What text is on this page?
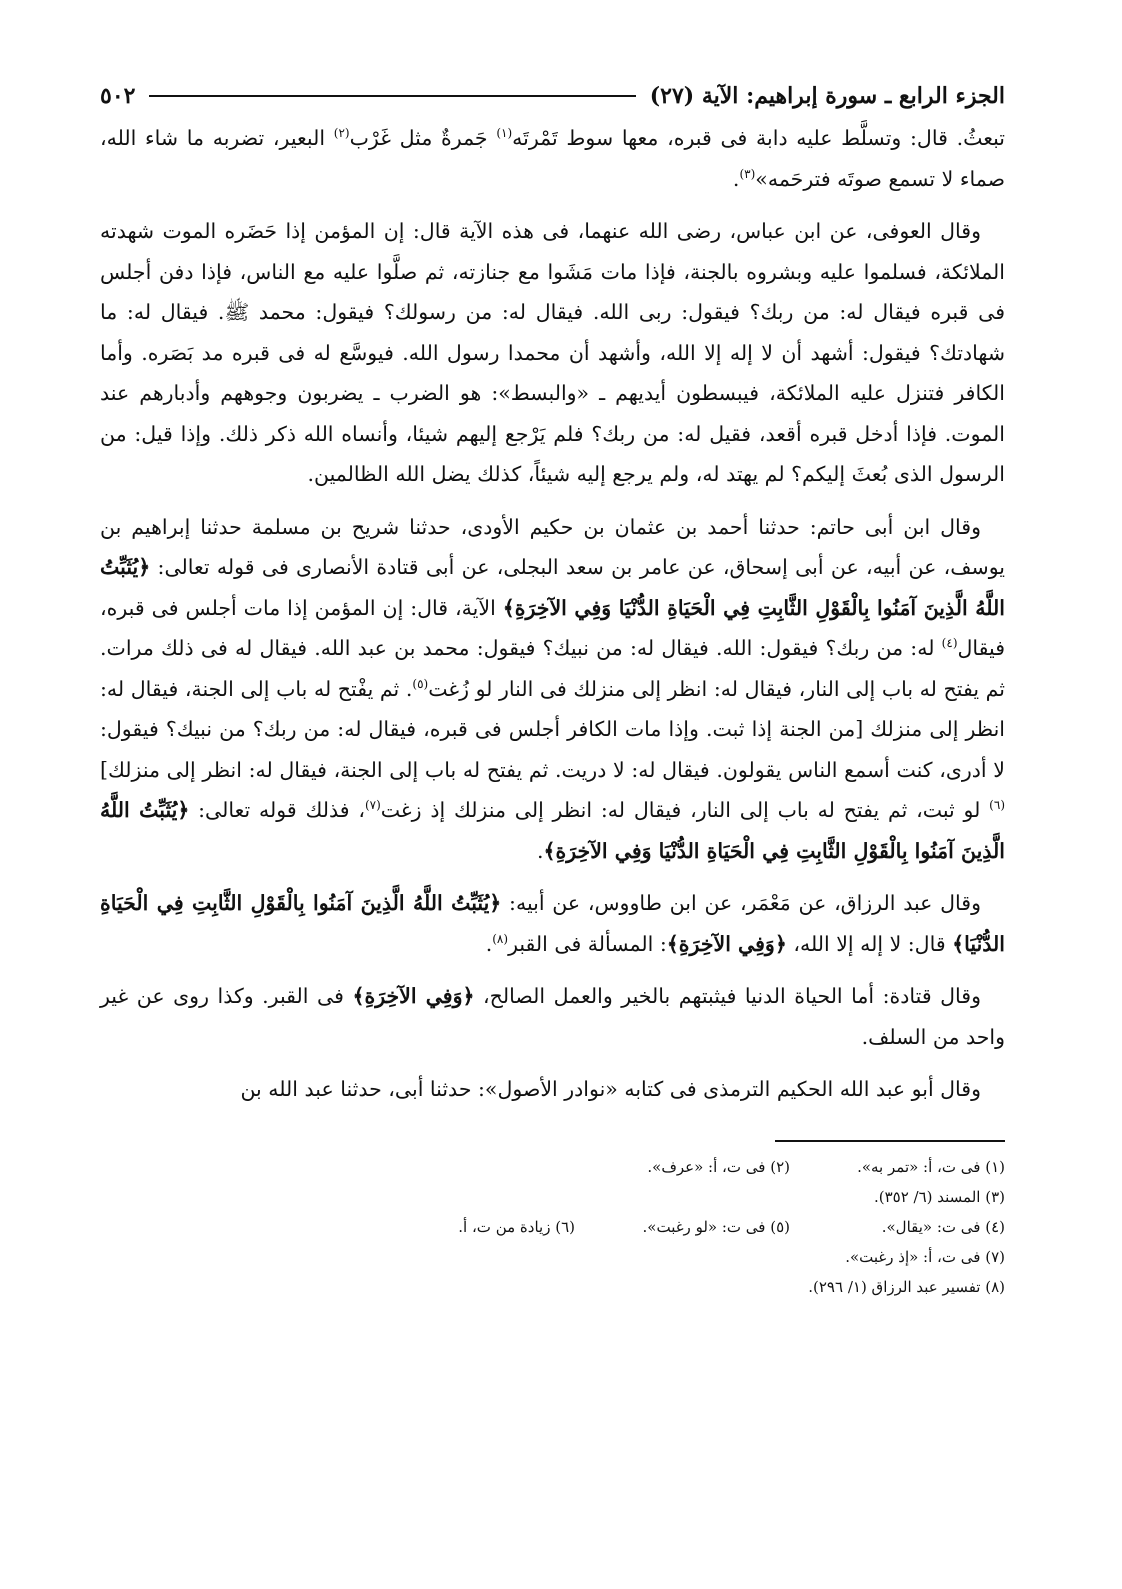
الجزء الرابع ـ سورة إبراهيم: الآية (٢٧)
٥٠٢

تبعثُ. قال: وتسلَّط عليه دابة فى قبره، معها سوط تَمْرتَه$^{(١)}$ جَمرةٌ مثل غَرْب$^{(٢)}$ البعير، تضربه ما شاء الله، صماء لا تسمع صوتَه فترحَمه»$^{(٣)}$.

وقال العوفى، عن ابن عباس، رضى الله عنهما، فى هذه الآية قال: إن المؤمن إذا حَضَره الموت شهدته الملائكة، فسلموا عليه وبشروه بالجنة، فإذا مات مَشَوا مع جنازته، ثم صلَّوا عليه مع الناس، فإذا دفن أجلس فى قبره فيقال له: من ربك؟ فيقول: ربى الله. فيقال له: من رسولك؟ فيقول: محمد ﷺ. فيقال له: ما شهادتك؟ فيقول: أشهد أن لا إله إلا الله، وأشهد أن محمدا رسول الله. فيوسَّع له فى قبره مد بَصَره. وأما الكافر فتنزل عليه الملائكة، فيبسطون أيديهم ـ «والبسط»: هو الضرب ـ يضربون وجوههم وأدبارهم عند الموت. فإذا أدخل قبره أقعد، فقيل له: من ربك؟ فلم يَرْجع إليهم شيئا، وأنساه الله ذكر ذلك. وإذا قيل: من الرسول الذى بُعثَ إليكم؟ لم يهتد له، ولم يرجع إليه شيئاً، كذلك يضل الله الظالمين.

وقال ابن أبى حاتم: حدثنا أحمد بن عثمان بن حكيم الأودى، حدثنا شريح بن مسلمة حدثنا إبراهيم بن يوسف، عن أبيه، عن أبى إسحاق، عن عامر بن سعد البجلى، عن أبى قتادة الأنصارى فى قوله تعالى: ﴿يُثَبِّتُ اللَّهُ الَّذِينَ آمَنُوا بِالْقَوْلِ الثَّابِتِ فِي الْحَيَاةِ الدُّنْيَا وَفِي الآخِرَةِ﴾ الآية، قال: إن المؤمن إذا مات أجلس فى قبره، فيقال$^{(٤)}$ له: من ربك؟ فيقول: الله. فيقال له: من نبيك؟ فيقول: محمد بن عبد الله. فيقال له فى ذلك مرات. ثم يفتح له باب إلى النار، فيقال له: انظر إلى منزلك فى النار لو زُغت$^{(٥)}$. ثم يفْتح له باب إلى الجنة، فيقال له: انظر إلى منزلك [من الجنة إذا ثبت. وإذا مات الكافر أجلس فى قبره، فيقال له: من ربك؟ من نبيك؟ فيقول: لا أدرى، كنت أسمع الناس يقولون. فيقال له: لا دريت. ثم يفتح له باب إلى الجنة، فيقال له: انظر إلى منزلك]$^{(٦)}$ لو ثبت، ثم يفتح له باب إلى النار، فيقال له: انظر إلى منزلك إذ زغت$^{(٧)}$، فذلك قوله تعالى: ﴿يُثَبِّتُ اللَّهُ الَّذِينَ آمَنُوا بِالْقَوْلِ الثَّابِتِ فِي الْحَيَاةِ الدُّنْيَا وَفِي الآخِرَةِ﴾.

وقال عبد الرزاق، عن مَعْمَر، عن ابن طاووس، عن أبيه: ﴿يُثَبِّتُ اللَّهُ الَّذِينَ آمَنُوا بِالْقَوْلِ الثَّابِتِ فِي الْحَيَاةِ الدُّنْيَا﴾ قال: لا إله إلا الله، ﴿وَفِي الآخِرَةِ﴾: المسألة فى القبر$^{(٨)}$.

وقال قتادة: أما الحياة الدنيا فيثبتهم بالخير والعمل الصالح، ﴿وَفِي الآخِرَةِ﴾ فى القبر. وكذا روى عن غير واحد من السلف.

وقال أبو عبد الله الحكيم الترمذى فى كتابه «نوادر الأصول»: حدثنا أبى، حدثنا عبد الله بن

(١) فى ت، أ: «تمر به».
(٢) فى ت، أ: «عرف».
(٣) المسند (٦/ ٣٥٢).
(٤) فى ت: «يقال».
(٥) فى ت: «لو رغبت».
(٦) زيادة من ت، أ.
(٧) فى ت، أ: «إذ رغبت».
(٨) تفسير عبد الرزاق (١/ ٢٩٦).
